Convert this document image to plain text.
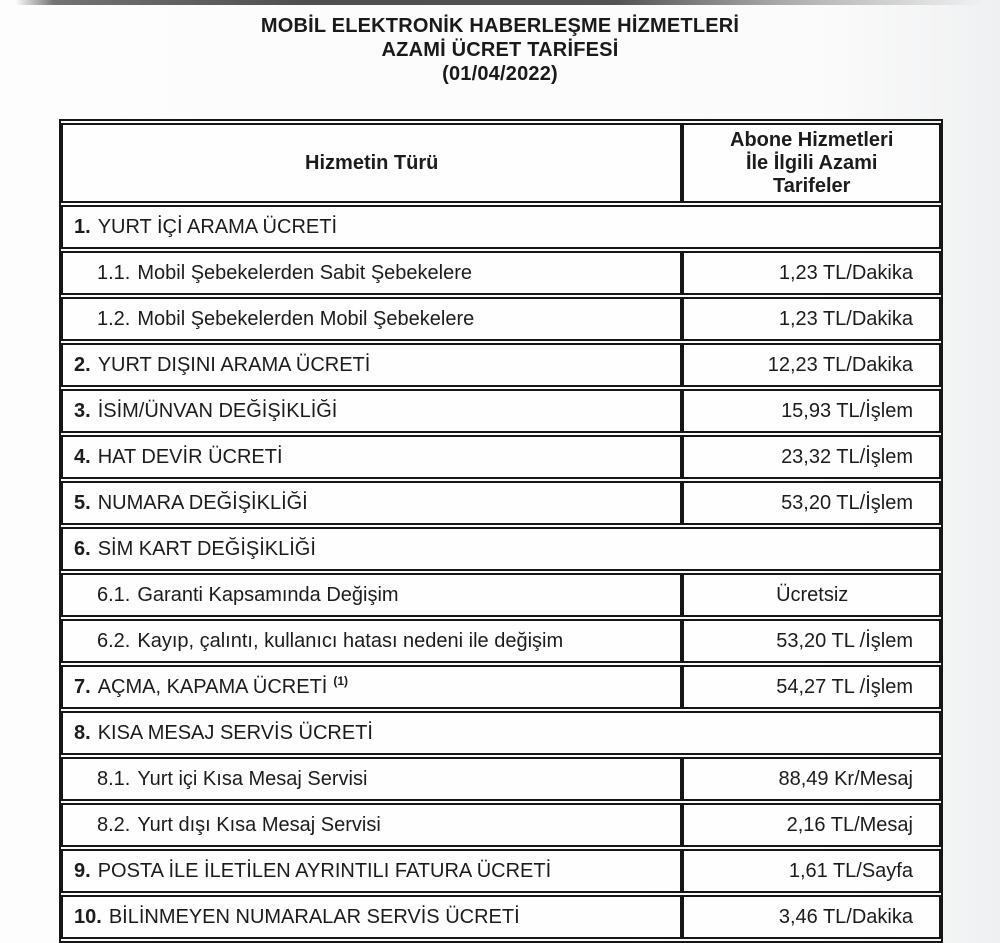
MOBİL ELEKTRONİK HABERLEŞME HİZMETLERİ
AZAMİ ÜCRET TARİFESİ
(01/04/2022)
Hizmetin Türü	Abone Hizmetleri
İle İlgili Azami
Tarifeler

1. YURT İÇİ ARAMA ÜCRETİ	
1.1. Mobil Şebekelerden Sabit Şebekelere	1,23 TL/Dakika
1.2. Mobil Şebekelerden Mobil Şebekelere	1,23 TL/Dakika
2. YURT DIŞINI ARAMA ÜCRETİ	12,23 TL/Dakika
3. İSİM/ÜNVAN DEĞİŞİKLİĞİ	15,93 TL/İşlem
4. HAT DEVİR ÜCRETİ	23,32 TL/İşlem
5. NUMARA DEĞİŞİKLİĞİ	53,20 TL/İşlem
6. SİM KART DEĞİŞİKLİĞİ	
6.1. Garanti Kapsamında Değişim	Ücretsiz
6.2. Kayıp, çalıntı, kullanıcı hatası nedeni ile değişim	53,20 TL /İşlem
7. AÇMA, KAPAMA ÜCRETİ $^{(1)}$	54,27 TL /İşlem
8. KISA MESAJ SERVİS ÜCRETİ	
8.1. Yurt içi Kısa Mesaj Servisi	88,49 Kr/Mesaj
8.2. Yurt dışı Kısa Mesaj Servisi	2,16 TL/Mesaj
9. POSTA İLE İLETİLEN AYRINTILI FATURA ÜCRETİ	1,61 TL/Sayfa
10. BİLİNMEYEN NUMARALAR SERVİS ÜCRETİ	3,46 TL/Dakika
